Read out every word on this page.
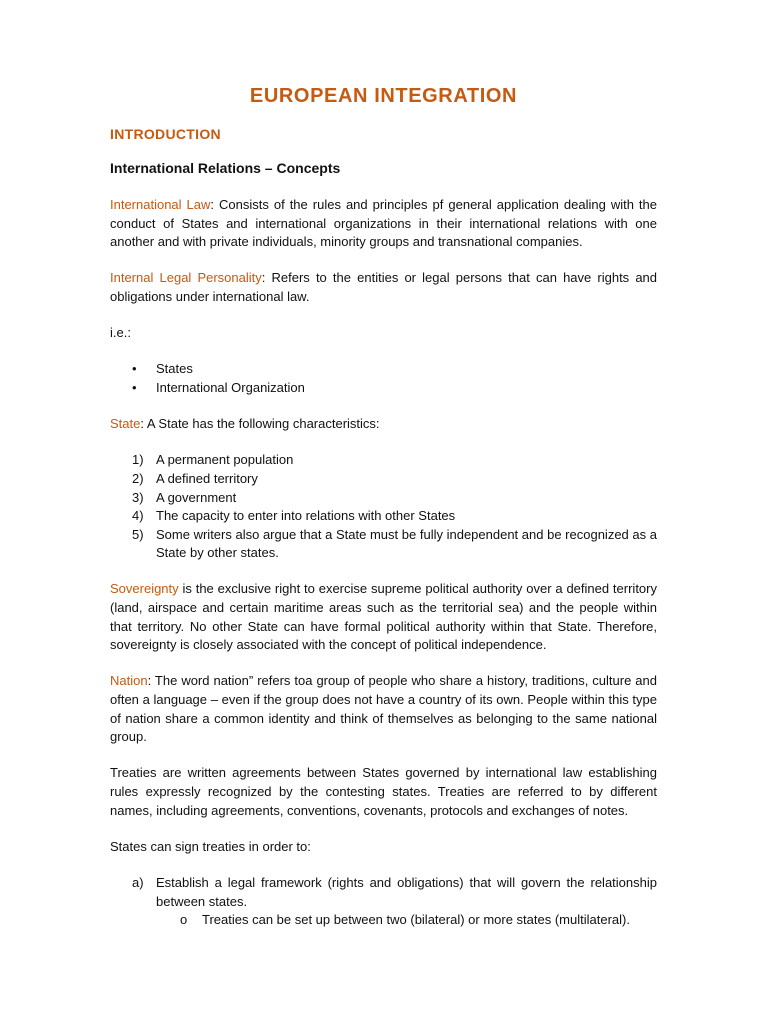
EUROPEAN INTEGRATION
INTRODUCTION
International Relations – Concepts

International Law: Consists of the rules and principles pf general application dealing with the conduct of States and international organizations in their international relations with one another and with private individuals, minority groups and transnational companies.

Internal Legal Personality: Refers to the entities or legal persons that can have rights and obligations under international law.

i.e.:

• States
• International Organization

State: A State has the following characteristics:

1) A permanent population
2) A defined territory
3) A government
4) The capacity to enter into relations with other States
5) Some writers also argue that a State must be fully independent and be recognized as a State by other states.

Sovereignty is the exclusive right to exercise supreme political authority over a defined territory (land, airspace and certain maritime areas such as the territorial sea) and the people within that territory. No other State can have formal political authority within that State. Therefore, sovereignty is closely associated with the concept of political independence.

Nation: The word nation” refers toa group of people who share a history, traditions, culture and often a language – even if the group does not have a country of its own. People within this type of nation share a common identity and think of themselves as belonging to the same national group.

Treaties are written agreements between States governed by international law establishing rules expressly recognized by the contesting states. Treaties are referred to by different names, including agreements, conventions, covenants, protocols and exchanges of notes.

States can sign treaties in order to:

a) Establish a legal framework (rights and obligations) that will govern the relationship between states.
o Treaties can be set up between two (bilateral) or more states (multilateral).
